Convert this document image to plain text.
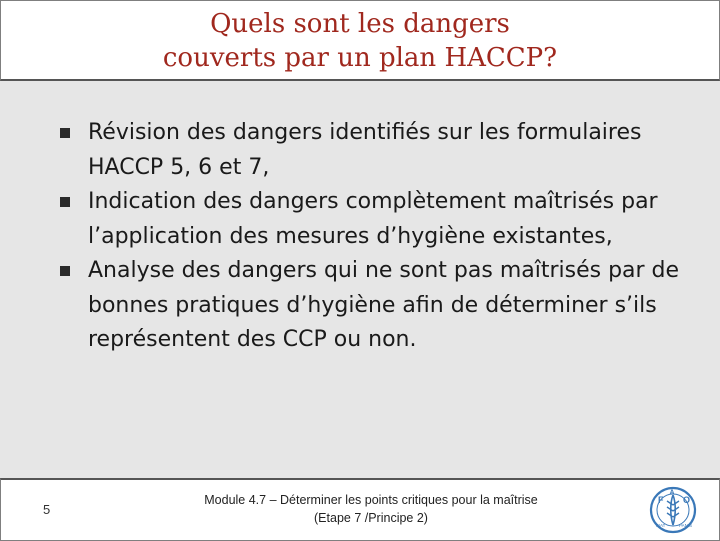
Quels sont les dangers
couverts par un plan HACCP?
Révision des dangers identifiés sur les formulaires HACCP 5, 6 et 7,
Indication des dangers complètement maîtrisés par l’application des mesures d’hygiène existantes,
Analyse des dangers qui ne sont pas maîtrisés par de bonnes pratiques d’hygiène afin de déterminer s’ils représentent des CCP ou non.
5
Module 4.7 – Déterminer les points critiques pour la maîtrise
(Etape 7 /Principe 2)
F
A
O
FIAT	PANIS
